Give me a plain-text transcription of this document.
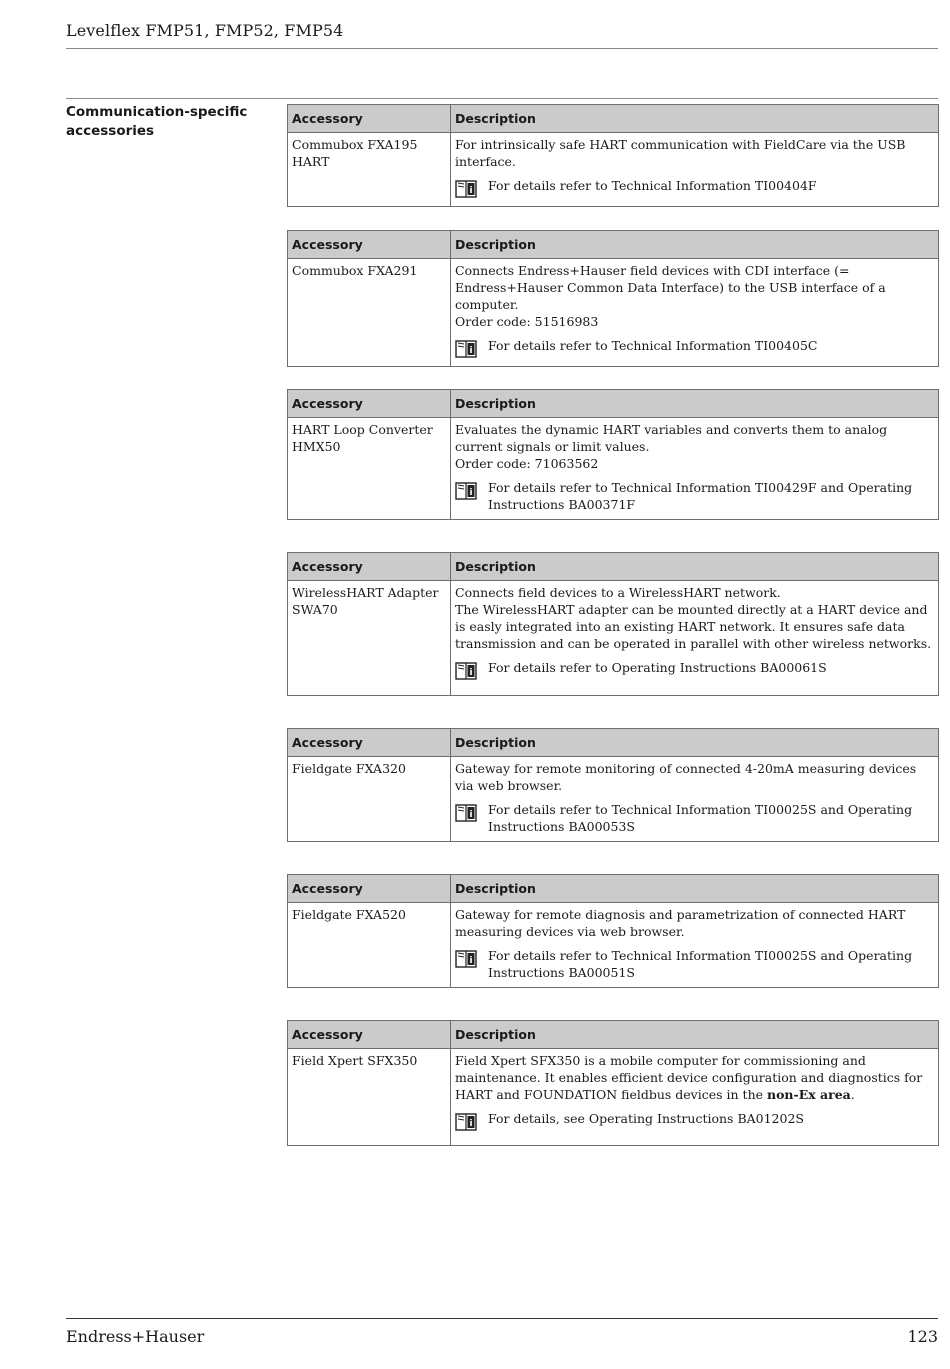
Levelflex FMP51, FMP52, FMP54
Communication-specific accessories
Accessory	Description
Commubox FXA195 HART	For intrinsically safe HART communication with FieldCare via the USB interface.
i For details refer to Technical Information TI00404F
Accessory	Description
Commubox FXA291	Connects Endress+Hauser field devices with CDI interface (= Endress+Hauser Common Data Interface) to the USB interface of a computer.
Order code: 51516983
i For details refer to Technical Information TI00405C
Accessory	Description
HART Loop Converter HMX50	Evaluates the dynamic HART variables and converts them to analog current signals or limit values.
Order code: 71063562
i For details refer to Technical Information TI00429F and Operating Instructions BA00371F
Accessory	Description
WirelessHART Adapter SWA70	Connects field devices to a WirelessHART network.
The WirelessHART adapter can be mounted directly at a HART device and is easly integrated into an existing HART network. It ensures safe data transmission and can be operated in parallel with other wireless networks.
i For details refer to Operating Instructions BA00061S
Accessory	Description
Fieldgate FXA320	Gateway for remote monitoring of connected 4-20mA measuring devices via web browser.
i For details refer to Technical Information TI00025S and Operating Instructions BA00053S
Accessory	Description
Fieldgate FXA520	Gateway for remote diagnosis and parametrization of connected HART measuring devices via web browser.
i For details refer to Technical Information TI00025S and Operating Instructions BA00051S
Accessory	Description
Field Xpert SFX350	Field Xpert SFX350 is a mobile computer for commissioning and maintenance. It enables efficient device configuration and diagnostics for HART and FOUNDATION fieldbus devices in the non-Ex area.
i For details, see Operating Instructions BA01202S
Endress+Hauser	123
